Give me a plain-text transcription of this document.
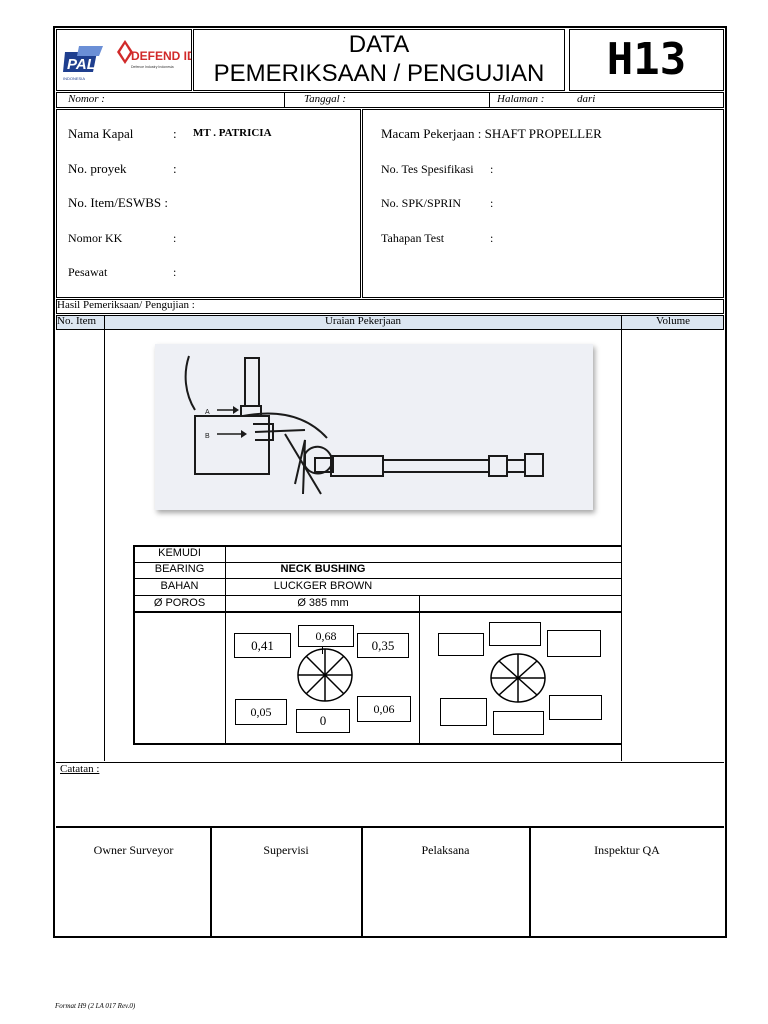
PAL
INDONESIA
DEFEND ID
Defence Industry Indonesia
DATA
PEMERIKSAAN / PENGUJIAN	H13
Nomor :	Tanggal :	Halaman :	dari
Nama Kapal	: MT . PATRICIA
No. proyek	:
No. Item/ESWBS :
Nomor KK	:
Pesawat	:
Macam Pekerjaan : SHAFT PROPELLER
No. Tes Spesifikasi :
No. SPK/SPRIN :
Tahapan Test	:
Hasil Pemeriksaan/ Pengujian :
No. Item	Uraian Pekerjaan	Volume
A
B
KEMUDI
BEARING	NECK BUSHING
BAHAN	LUCKGER BROWN
Ø POROS	Ø 385 mm
0,68
0,41	0,35
0,05
0
0,06
Catatan :
Owner Surveyor	Supervisi	Pelaksana	Inspektur QA
Format H9 (2 LA 017 Rev.0)
